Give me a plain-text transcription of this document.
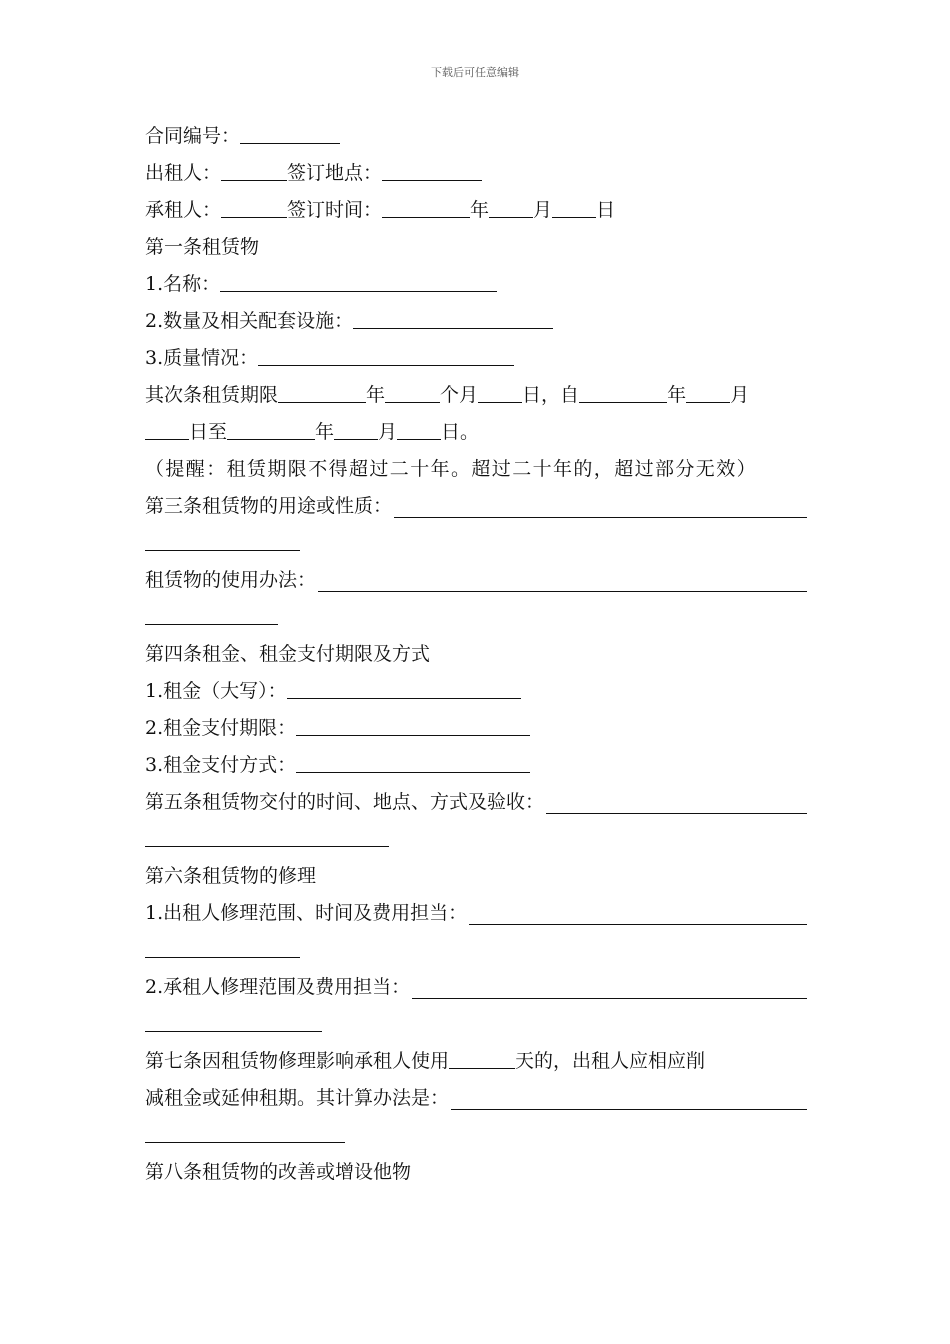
下载后可任意编辑
合同编号：
出租人：	签订地点：
承租人：	签订时间：	年 月 日
第一条租赁物
1.名称：
2.数量及相关配套设施：
3.质量情况：
其次条租赁期限	年	个月 日，自	年 月
日至	年 月 日。
（提醒：租赁期限不得超过二十年。超过二十年的，超过部分无效）
第三条租赁物的用途或性质：
租赁物的使用办法：
第四条租金、租金支付期限及方式
1.租金（大写）：
2.租金支付期限：
3.租金支付方式：
第五条租赁物交付的时间、地点、方式及验收：
第六条租赁物的修理
1.出租人修理范围、时间及费用担当：
2.承租人修理范围及费用担当：
第七条因租赁物修理影响承租人使用	天的，出租人应相应削
减租金或延伸租期。其计算办法是：
第八条租赁物的改善或增设他物
